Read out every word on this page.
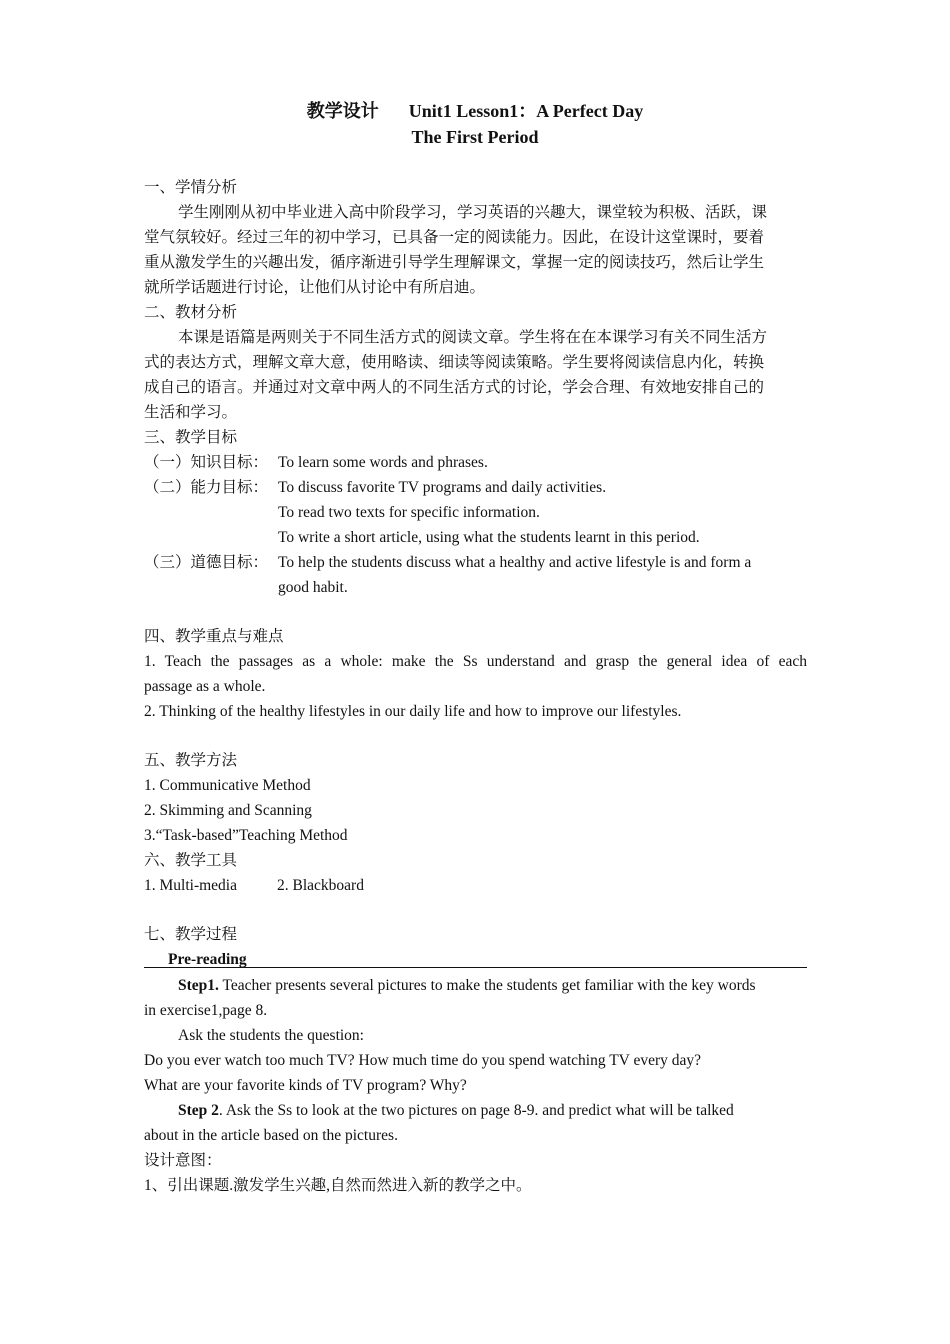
教学设计 Unit1 Lesson1：A Perfect Day
The First Period
一、学情分析
学生刚刚从初中毕业进入高中阶段学习，学习英语的兴趣大，课堂较为积极、活跃，课
堂气氛较好。经过三年的初中学习，已具备一定的阅读能力。因此，在设计这堂课时，要着
重从激发学生的兴趣出发，循序渐进引导学生理解课文，掌握一定的阅读技巧，然后让学生
就所学话题进行讨论，让他们从讨论中有所启迪。
二、教材分析
本课是语篇是两则关于不同生活方式的阅读文章。学生将在在本课学习有关不同生活方
式的表达方式，理解文章大意，使用略读、细读等阅读策略。学生要将阅读信息内化，转换
成自己的语言。并通过对文章中两人的不同生活方式的讨论，学会合理、有效地安排自己的
生活和学习。
三、教学目标
（一）知识目标： To learn some words and phrases.
（二）能力目标： To discuss favorite TV programs and daily activities.
To read two texts for specific information.
To write a short article, using what the students learnt in this period.
（三）道德目标： To help the students discuss what a healthy and active lifestyle is and form a
good habit.
四、教学重点与难点
1. Teach the passages as a whole: make the Ss understand and grasp the general idea of each
passage as a whole.
2. Thinking of the healthy lifestyles in our daily life and how to improve our lifestyles.
五、教学方法
1. Communicative Method
2. Skimming and Scanning
3.“Task-based”Teaching Method
六、教学工具
1. Multi-media	2. Blackboard
七、教学过程
Pre-reading
Step1. Teacher presents several pictures to make the students get familiar with the key words
in exercise1,page 8.
Ask the students the question:
Do you ever watch too much TV? How much time do you spend watching TV every day?
What are your favorite kinds of TV program? Why?
Step 2. Ask the Ss to look at the two pictures on page 8-9. and predict what will be talked
about in the article based on the pictures.
设计意图：
1、引出课题.激发学生兴趣,自然而然进入新的教学之中。
